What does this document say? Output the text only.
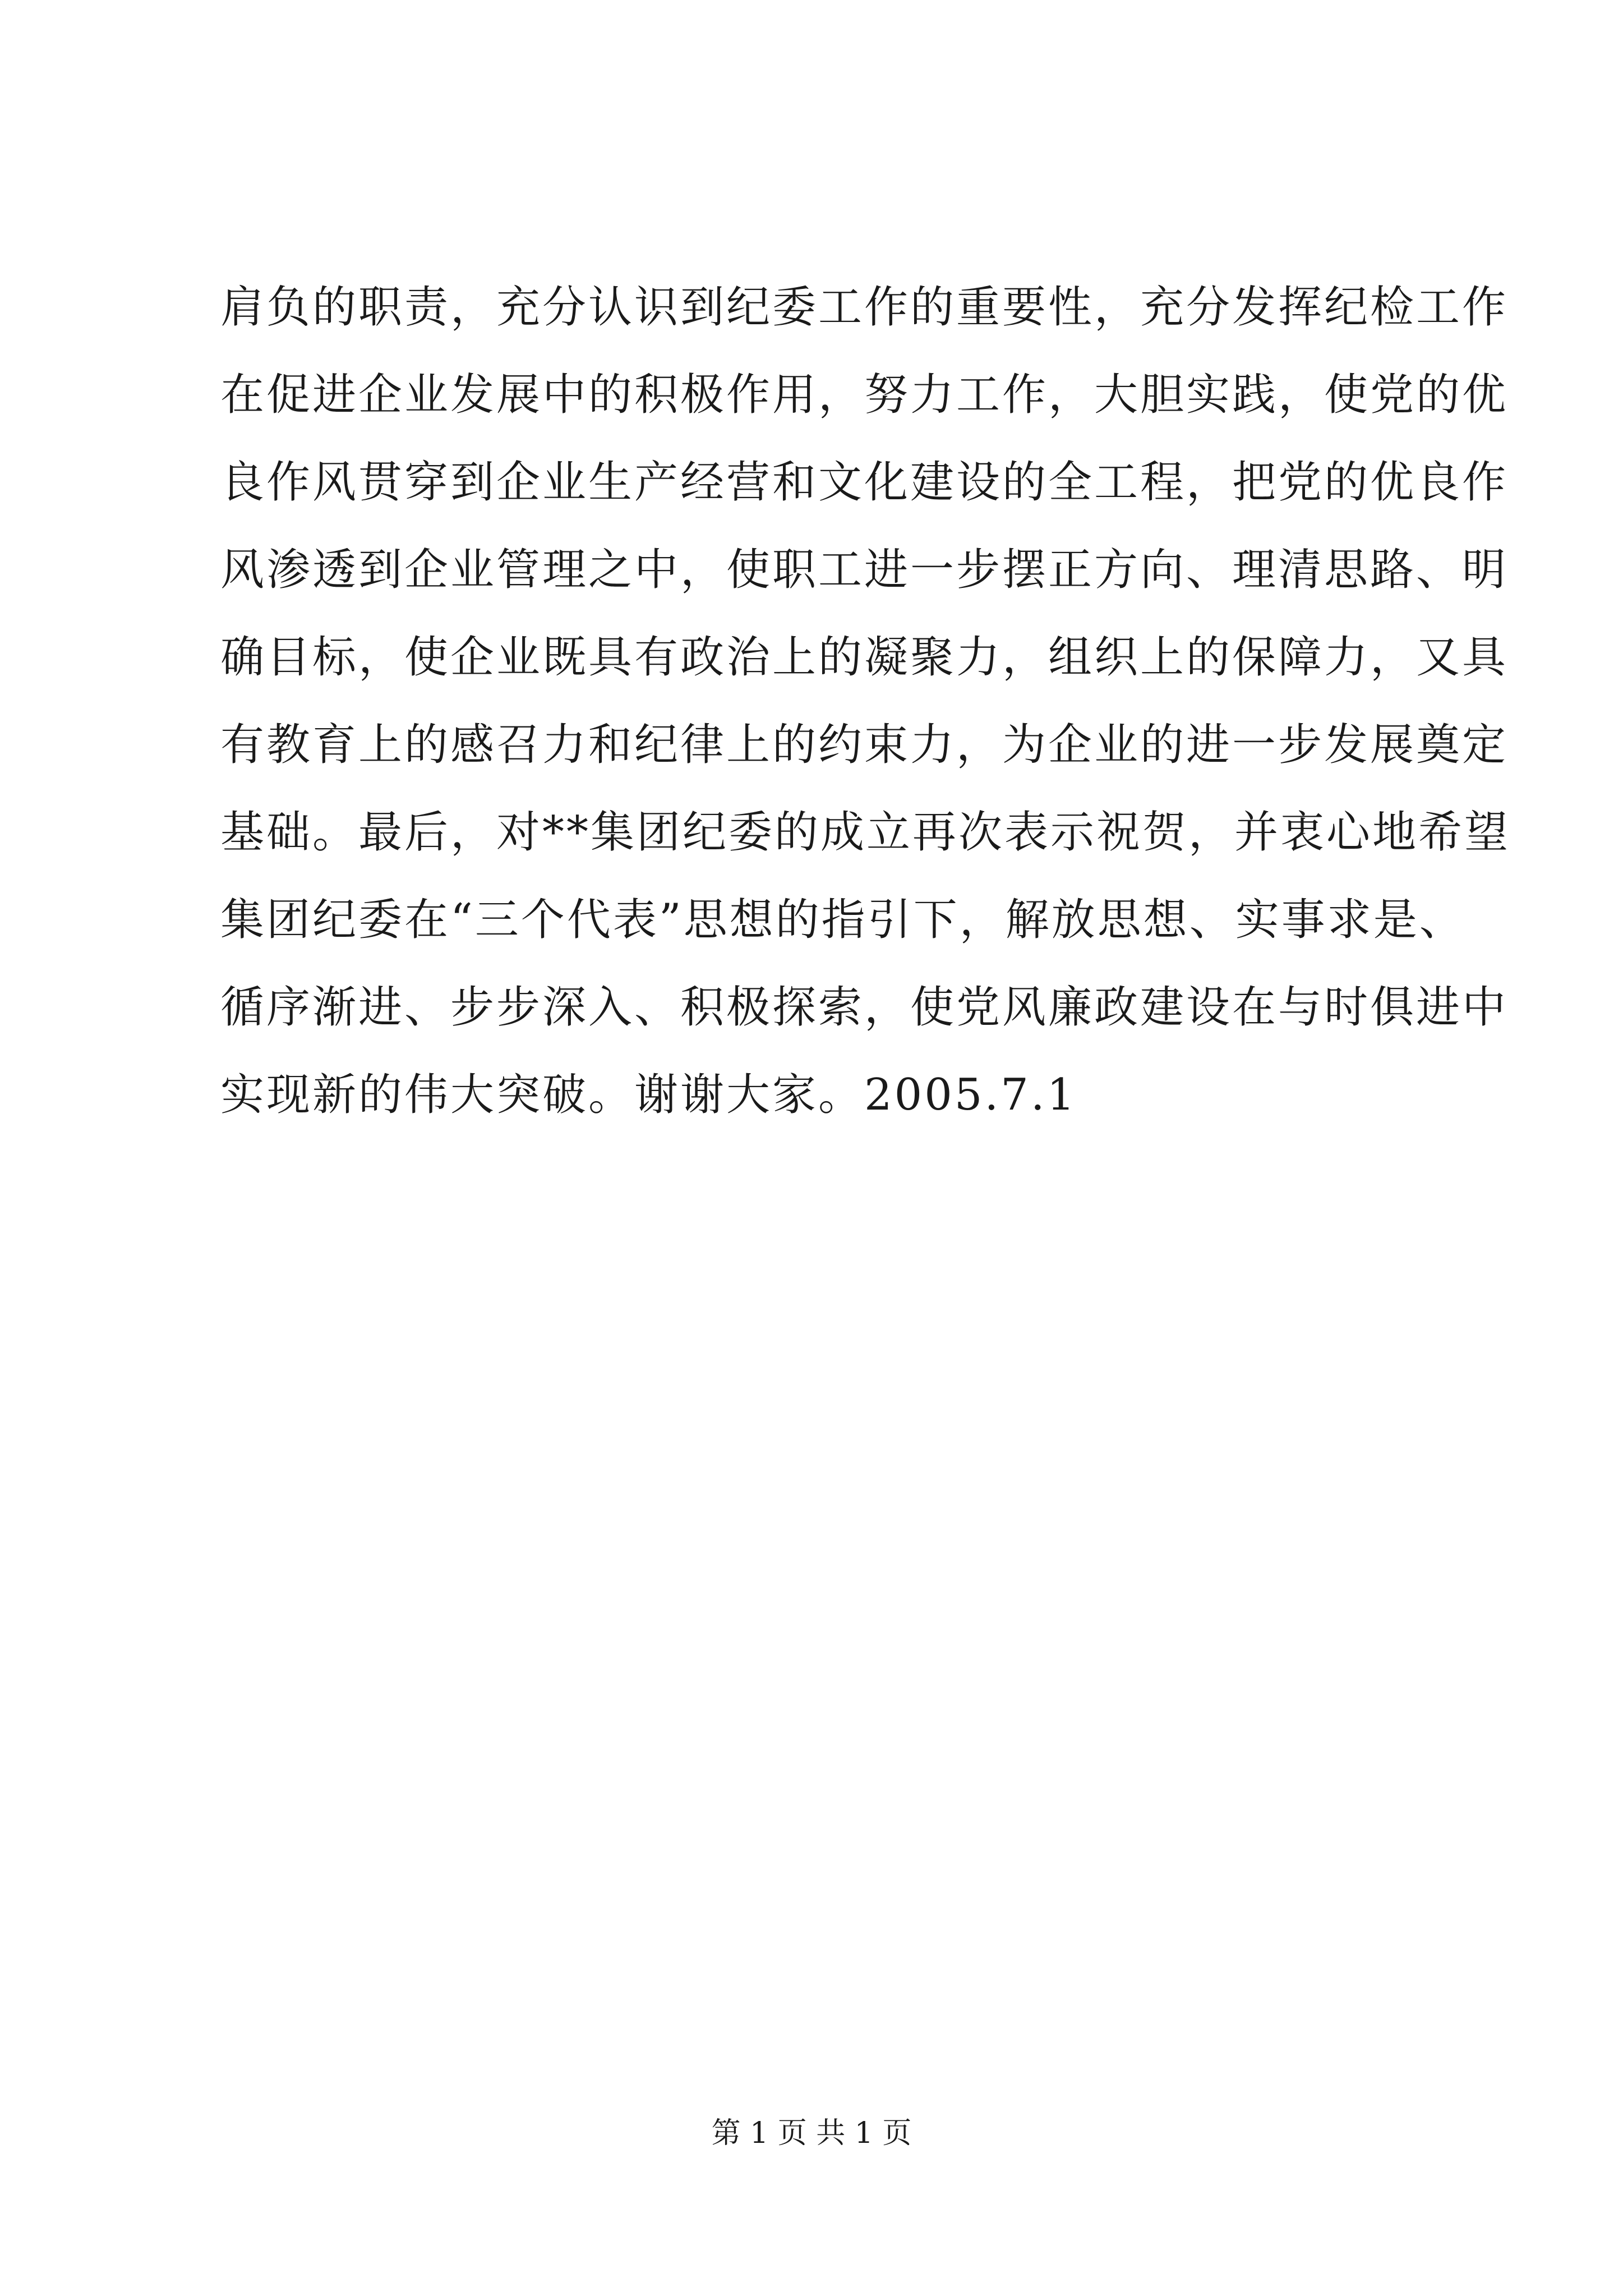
肩负的职责，充分认识到纪委工作的重要性，充分发挥纪检工作
在促进企业发展中的积极作用，努力工作，大胆实践，使党的优
良作风贯穿到企业生产经营和文化建设的全工程，把党的优良作
风渗透到企业管理之中，使职工进一步摆正方向、理清思路、明
确目标，使企业既具有政治上的凝聚力，组织上的保障力，又具
有教育上的感召力和纪律上的约束力，为企业的进一步发展奠定
基础。最后，对**集团纪委的成立再次表示祝贺，并衷心地希望
集团纪委在“三个代表”思想的指引下，解放思想、实事求是、
循序渐进、步步深入、积极探索，使党风廉政建设在与时俱进中
实现新的伟大突破。谢谢大家。2005.7.1
第 1 页 共 1 页
